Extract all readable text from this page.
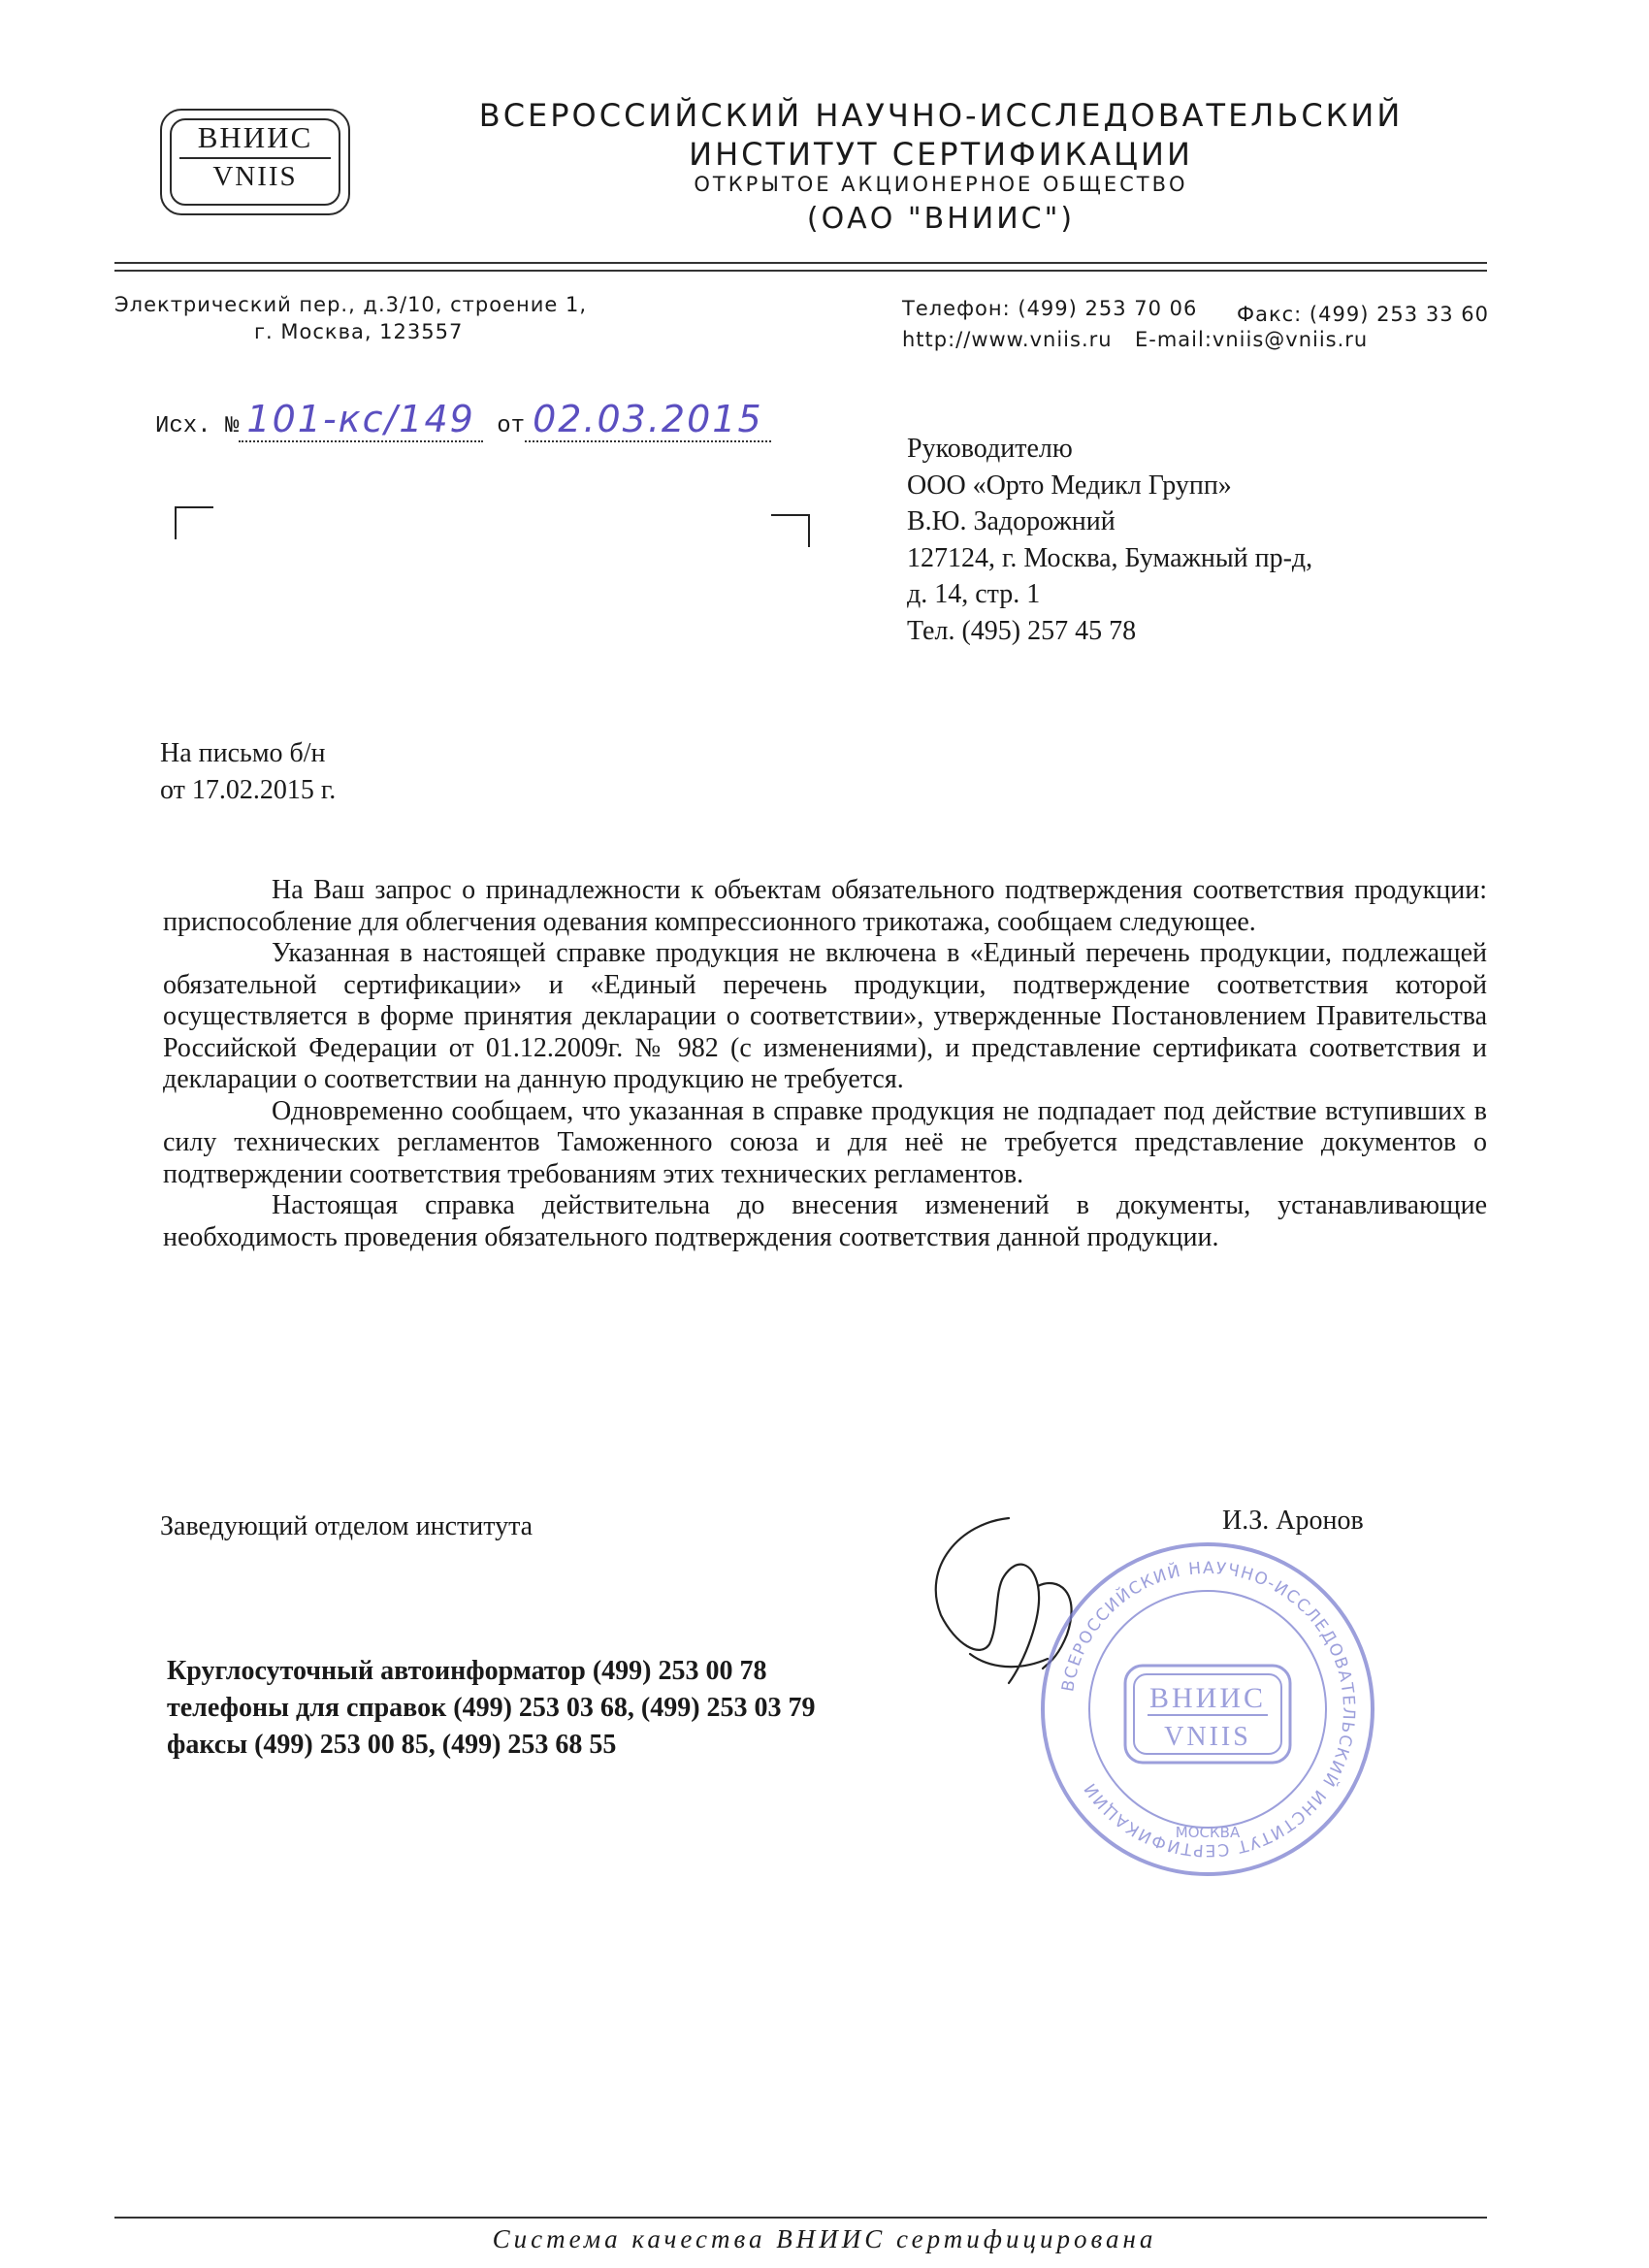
ВНИИС
VNIIS
ВСЕРОССИЙСКИЙ НАУЧНО-ИССЛЕДОВАТЕЛЬСКИЙ
ИНСТИТУТ СЕРТИФИКАЦИИ
ОТКРЫТОЕ АКЦИОНЕРНОЕ ОБЩЕСТВО
(ОАО "ВНИИС")
Электрический пер., д.3/10, строение 1,
г. Москва, 123557
Телефон: (499) 253 70 06 Факс: (499) 253 33 60
http://www.vniis.ru E-mail:vniis@vniis.ru
Исх. № 101-кс/149 от 02.03.2015
Руководителю
ООО «Орто Медикл Групп»
В.Ю. Задорожний
127124, г. Москва, Бумажный пр-д,
д. 14, стр. 1
Тел. (495) 257 45 78
На письмо б/н
от 17.02.2015 г.

На Ваш запрос о принадлежности к объектам обязательного подтверждения соответствия продукции: приспособление для облегчения одевания компрессионного трикотажа, сообщаем следующее.

Указанная в настоящей справке продукция не включена в «Единый перечень продукции, подлежащей обязательной сертификации» и «Единый перечень продукции, подтверждение соответствия которой осуществляется в форме принятия декларации о соответствии», утвержденные Постановлением Правительства Российской Федерации от 01.12.2009г. № 982 (с изменениями), и представление сертификата соответствия и декларации о соответствии на данную продукцию не требуется.

Одновременно сообщаем, что указанная в справке продукция не подпадает под действие вступивших в силу технических регламентов Таможенного союза и для неё не требуется представление документов о подтверждении соответствия требованиям этих технических регламентов.

Настоящая справка действительна до внесения изменений в документы, устанавливающие необходимость проведения обязательного подтверждения соответствия данной продукции.

Заведующий отделом института	И.З. Аронов
ВСЕРОССИЙСКИЙ НАУЧНО-ИССЛЕДОВАТЕЛЬСКИЙ ИНСТИТУТ СЕРТИФИКАЦИИ
ВНИИС
VNIIS
МОСКВА
Круглосуточный автоинформатор (499) 253 00 78
телефоны для справок (499) 253 03 68, (499) 253 03 79
факсы (499) 253 00 85, (499) 253 68 55
Система качества ВНИИС сертифицирована
